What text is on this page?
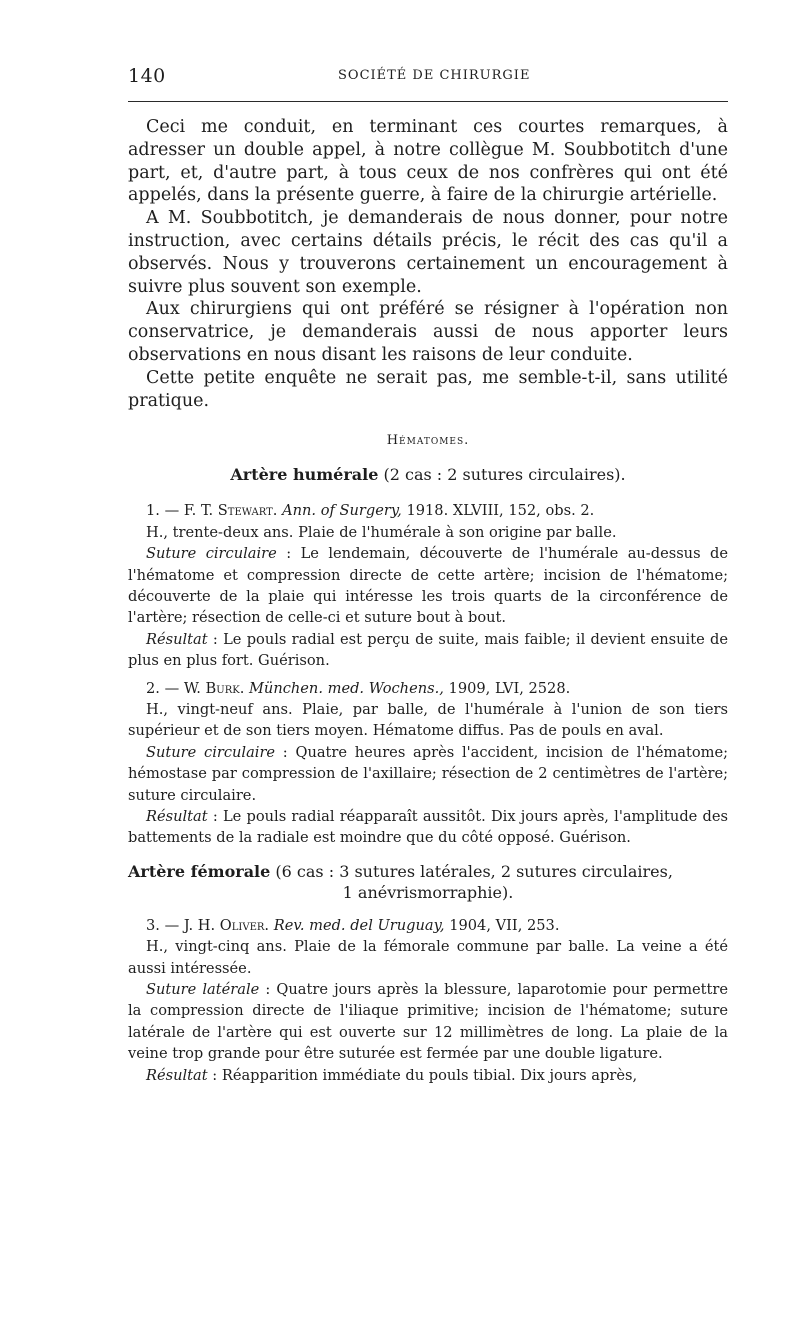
140	SOCIÉTÉ DE CHIRURGIE

Ceci me conduit, en terminant ces courtes remarques, à adresser un double appel, à notre collègue M. Soubbotitch d'une part, et, d'autre part, à tous ceux de nos confrères qui ont été appelés, dans la présente guerre, à faire de la chirurgie artérielle.

A M. Soubbotitch, je demanderais de nous donner, pour notre instruction, avec certains détails précis, le récit des cas qu'il a observés. Nous y trouverons certainement un encouragement à suivre plus souvent son exemple.

Aux chirurgiens qui ont préféré se résigner à l'opération non conservatrice, je demanderais aussi de nous apporter leurs observations en nous disant les raisons de leur conduite.

Cette petite enquête ne serait pas, me semble-t-il, sans utilité pratique.

Hématomes.
Artère humérale (2 cas : 2 sutures circulaires).

1. — F. T. Stewart. Ann. of Surgery, 1918. XLVIII, 152, obs. 2.

H., trente-deux ans. Plaie de l'humérale à son origine par balle.

Suture circulaire : Le lendemain, découverte de l'humérale au-dessus de l'hématome et compression directe de cette artère; incision de l'hématome; découverte de la plaie qui intéresse les trois quarts de la circonférence de l'artère; résection de celle-ci et suture bout à bout.

Résultat : Le pouls radial est perçu de suite, mais faible; il devient ensuite de plus en plus fort. Guérison.

2. — W. Burk. München. med. Wochens., 1909, LVI, 2528.

H., vingt-neuf ans. Plaie, par balle, de l'humérale à l'union de son tiers supérieur et de son tiers moyen. Hématome diffus. Pas de pouls en aval.

Suture circulaire : Quatre heures après l'accident, incision de l'hématome; hémostase par compression de l'axillaire; résection de 2 centimètres de l'artère; suture circulaire.

Résultat : Le pouls radial réapparaît aussitôt. Dix jours après, l'amplitude des battements de la radiale est moindre que du côté opposé. Guérison.

Artère fémorale (6 cas : 3 sutures latérales, 2 sutures circulaires,
1 anévrismorraphie).

3. — J. H. Oliver. Rev. med. del Uruguay, 1904, VII, 253.

H., vingt-cinq ans. Plaie de la fémorale commune par balle. La veine a été aussi intéressée.

Suture latérale : Quatre jours après la blessure, laparotomie pour permettre la compression directe de l'iliaque primitive; incision de l'hématome; suture latérale de l'artère qui est ouverte sur 12 millimètres de long. La plaie de la veine trop grande pour être suturée est fermée par une double ligature.

Résultat : Réapparition immédiate du pouls tibial. Dix jours après,
